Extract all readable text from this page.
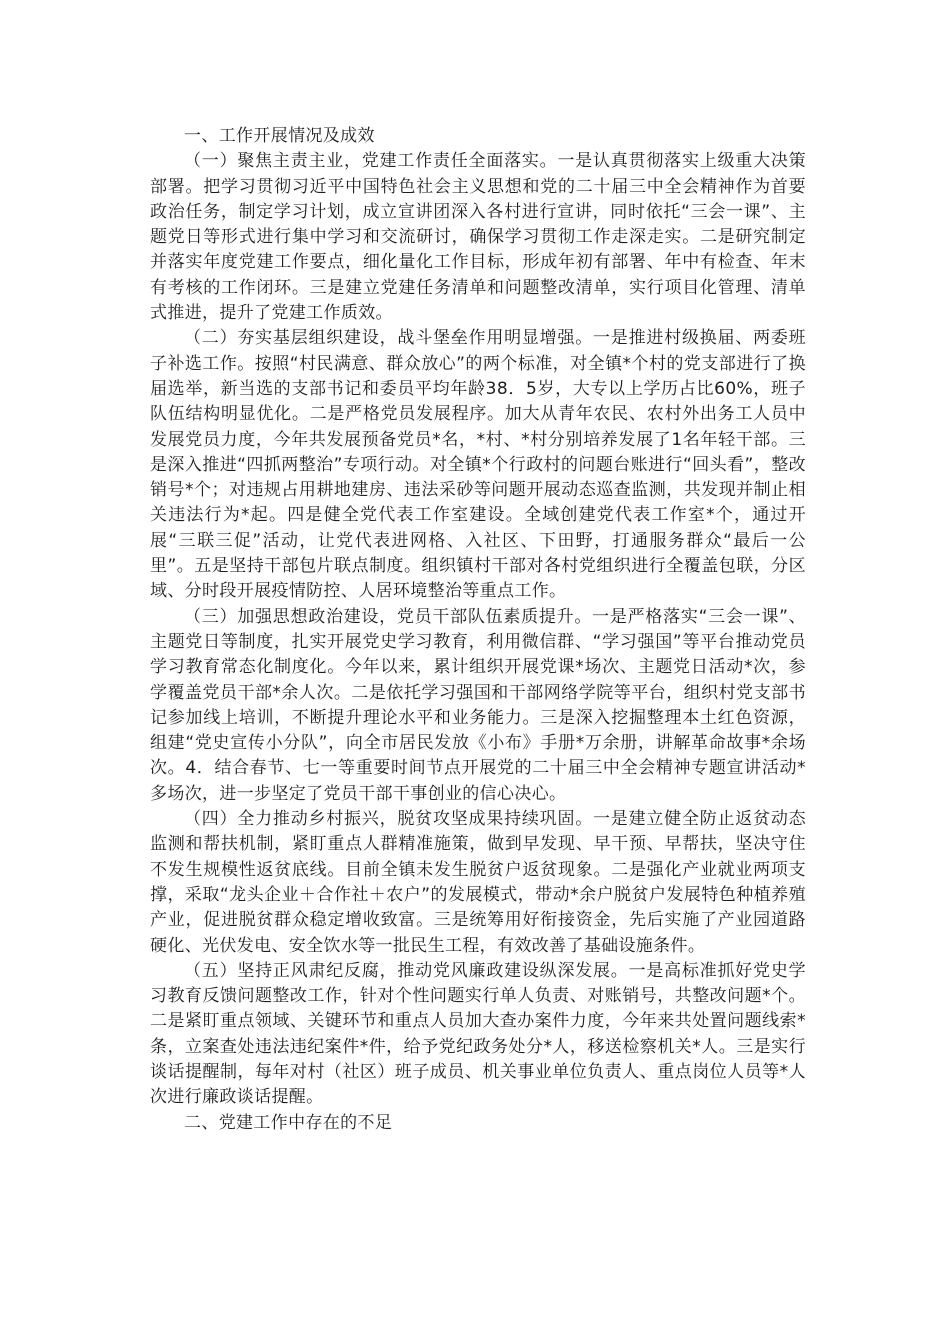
一、工作开展情况及成效

（一）聚焦主责主业，党建工作责任全面落实。一是认真贯彻落实上级重大决策部署。把学习贯彻习近平中国特色社会主义思想和党的二十届三中全会精神作为首要政治任务，制定学习计划，成立宣讲团深入各村进行宣讲，同时依托“三会一课”、主题党日等形式进行集中学习和交流研讨，确保学习贯彻工作走深走实。二是研究制定并落实年度党建工作要点，细化量化工作目标，形成年初有部署、年中有检查、年末有考核的工作闭环。三是建立党建任务清单和问题整改清单，实行项目化管理、清单式推进，提升了党建工作质效。

（二）夯实基层组织建设，战斗堡垒作用明显增强。一是推进村级换届、两委班子补选工作。按照“村民满意、群众放心”的两个标准，对全镇*个村的党支部进行了换届选举，新当选的支部书记和委员平均年龄38．5岁，大专以上学历占比60%，班子队伍结构明显优化。二是严格党员发展程序。加大从青年农民、农村外出务工人员中发展党员力度，今年共发展预备党员*名，*村、*村分别培养发展了1名年轻干部。三是深入推进“四抓两整治”专项行动。对全镇*个行政村的问题台账进行“回头看”，整改销号*个；对违规占用耕地建房、违法采砂等问题开展动态巡查监测，共发现并制止相关违法行为*起。四是健全党代表工作室建设。全域创建党代表工作室*个，通过开展“三联三促”活动，让党代表进网格、入社区、下田野，打通服务群众“最后一公里”。五是坚持干部包片联点制度。组织镇村干部对各村党组织进行全覆盖包联，分区域、分时段开展疫情防控、人居环境整治等重点工作。

（三）加强思想政治建设，党员干部队伍素质提升。一是严格落实“三会一课”、主题党日等制度，扎实开展党史学习教育，利用微信群、“学习强国”等平台推动党员学习教育常态化制度化。今年以来，累计组织开展党课*场次、主题党日活动*次，参学覆盖党员干部*余人次。二是依托学习强国和干部网络学院等平台，组织村党支部书记参加线上培训，不断提升理论水平和业务能力。三是深入挖掘整理本土红色资源，组建“党史宣传小分队”，向全市居民发放《小布》手册*万余册，讲解革命故事*余场次。4．结合春节、七一等重要时间节点开展党的二十届三中全会精神专题宣讲活动*多场次，进一步坚定了党员干部干事创业的信心决心。

（四）全力推动乡村振兴，脱贫攻坚成果持续巩固。一是建立健全防止返贫动态监测和帮扶机制，紧盯重点人群精准施策，做到早发现、早干预、早帮扶，坚决守住不发生规模性返贫底线。目前全镇未发生脱贫户返贫现象。二是强化产业就业两项支撑，采取“龙头企业＋合作社＋农户”的发展模式，带动*余户脱贫户发展特色种植养殖产业，促进脱贫群众稳定增收致富。三是统筹用好衔接资金，先后实施了产业园道路硬化、光伏发电、安全饮水等一批民生工程，有效改善了基础设施条件。

（五）坚持正风肃纪反腐，推动党风廉政建设纵深发展。一是高标准抓好党史学习教育反馈问题整改工作，针对个性问题实行单人负责、对账销号，共整改问题*个。二是紧盯重点领域、关键环节和重点人员加大查办案件力度，今年来共处置问题线索*条，立案查处违法违纪案件*件，给予党纪政务处分*人，移送检察机关*人。三是实行谈话提醒制，每年对村（社区）班子成员、机关事业单位负责人、重点岗位人员等*人次进行廉政谈话提醒。

二、党建工作中存在的不足
